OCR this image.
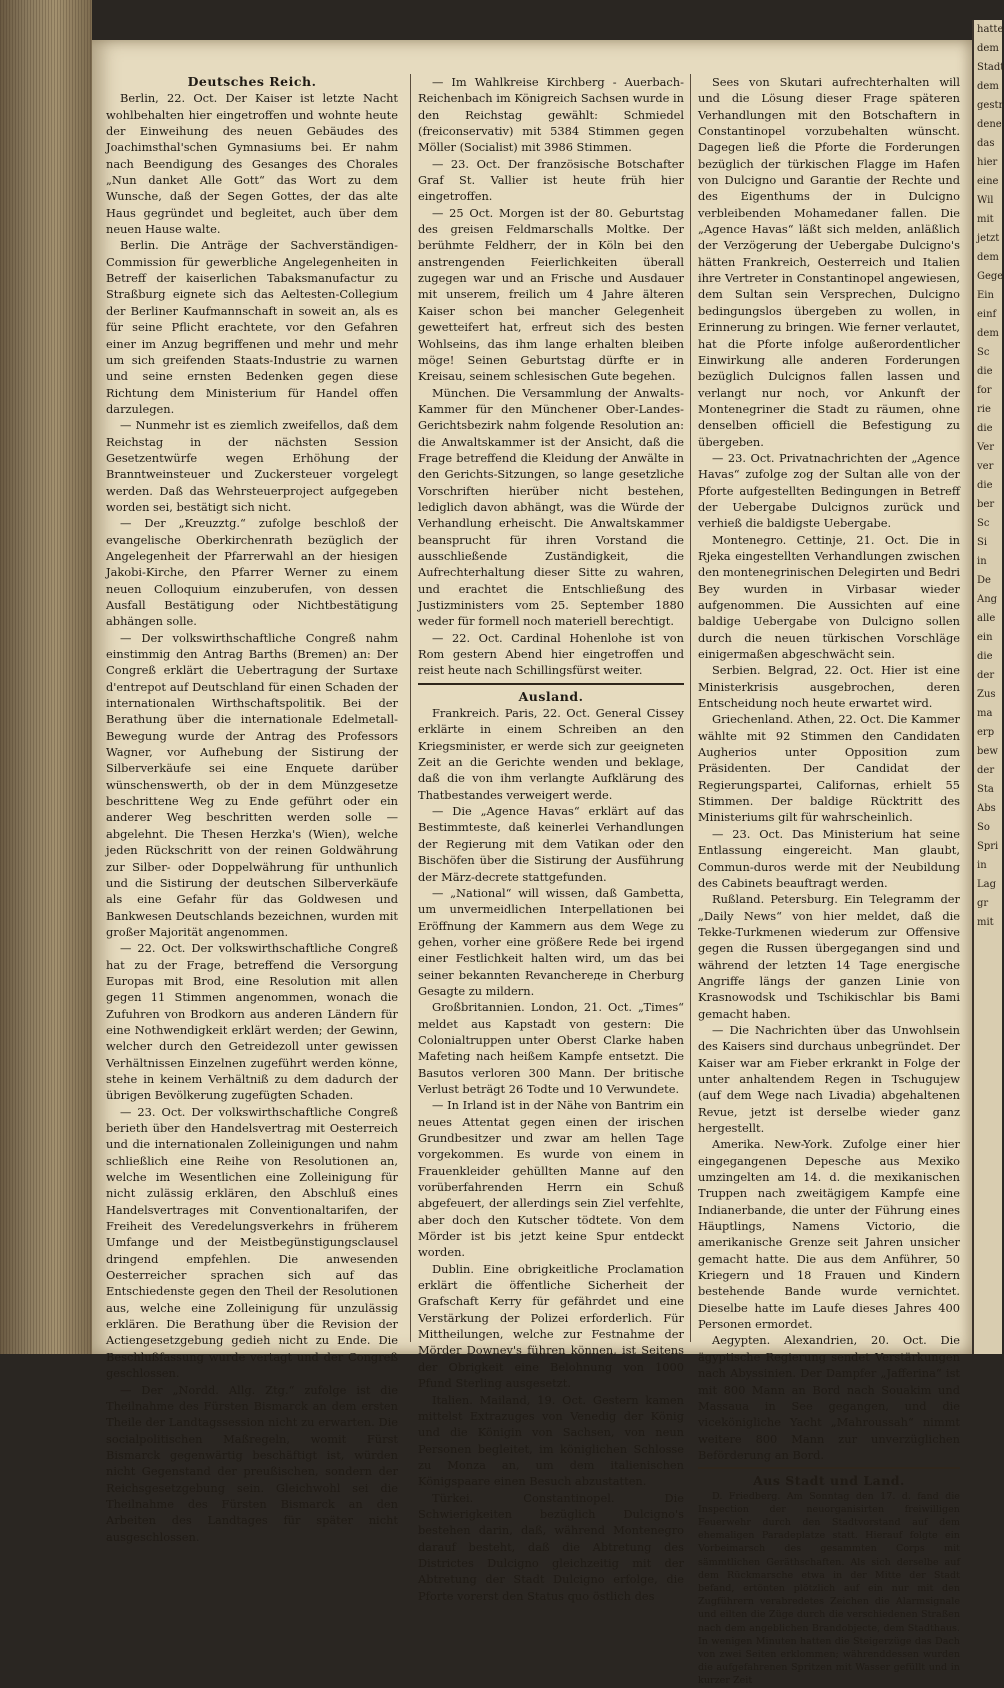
Deutsches Reich.

Berlin, 22. Oct. Der Kaiser ist letzte Nacht wohlbehalten hier eingetroffen und wohnte heute der Einweihung des neuen Gebäudes des Joachimsthal'schen Gymnasiums bei. Er nahm nach Beendigung des Gesanges des Chorales „Nun danket Alle Gott“ das Wort zu dem Wunsche, daß der Segen Gottes, der das alte Haus gegründet und begleitet, auch über dem neuen Hause walte.

Berlin. Die Anträge der Sachverständigen-Commission für gewerbliche Angelegenheiten in Betreff der kaiserlichen Tabaksmanufactur zu Straßburg eignete sich das Aeltesten-Collegium der Berliner Kaufmannschaft in soweit an, als es für seine Pflicht erachtete, vor den Gefahren einer im Anzug begriffenen und mehr und mehr um sich greifenden Staats-Industrie zu warnen und seine ernsten Bedenken gegen diese Richtung dem Ministerium für Handel offen darzulegen.

— Nunmehr ist es ziemlich zweifellos, daß dem Reichstag in der nächsten Session Gesetzentwürfe wegen Erhöhung der Branntweinsteuer und Zuckersteuer vorgelegt werden. Daß das Wehrsteuerproject aufgegeben worden sei, bestätigt sich nicht.

— Der „Kreuzztg.“ zufolge beschloß der evangelische Oberkirchenrath bezüglich der Angelegenheit der Pfarrerwahl an der hiesigen Jakobi-Kirche, den Pfarrer Werner zu einem neuen Colloquium einzuberufen, von dessen Ausfall Bestätigung oder Nichtbestätigung abhängen solle.

— Der volkswirthschaftliche Congreß nahm einstimmig den Antrag Barths (Bremen) an: Der Congreß erklärt die Uebertragung der Surtaxe d'entrepot auf Deutschland für einen Schaden der internationalen Wirthschaftspolitik. Bei der Berathung über die internationale Edelmetall-Bewegung wurde der Antrag des Professors Wagner, vor Aufhebung der Sistirung der Silberverkäufe sei eine Enquete darüber wünschenswerth, ob der in dem Münzgesetze beschrittene Weg zu Ende geführt oder ein anderer Weg beschritten werden solle — abgelehnt. Die Thesen Herzka's (Wien), welche jeden Rückschritt von der reinen Goldwährung zur Silber- oder Doppelwährung für unthunlich und die Sistirung der deutschen Silberverkäufe als eine Gefahr für das Goldwesen und Bankwesen Deutschlands bezeichnen, wurden mit großer Majorität angenommen.

— 22. Oct. Der volkswirthschaftliche Congreß hat zu der Frage, betreffend die Versorgung Europas mit Brod, eine Resolution mit allen gegen 11 Stimmen angenommen, wonach die Zufuhren von Brodkorn aus anderen Ländern für eine Nothwendigkeit erklärt werden; der Gewinn, welcher durch den Getreidezoll unter gewissen Verhältnissen Einzelnen zugeführt werden könne, stehe in keinem Verhältniß zu dem dadurch der übrigen Bevölkerung zugefügten Schaden.

— 23. Oct. Der volkswirthschaftliche Congreß berieth über den Handelsvertrag mit Oesterreich und die internationalen Zolleinigungen und nahm schließlich eine Reihe von Resolutionen an, welche im Wesentlichen eine Zolleinigung für nicht zulässig erklären, den Abschluß eines Handelsvertrages mit Conventionaltarifen, der Freiheit des Veredelungsverkehrs in früherem Umfange und der Meistbegünstigungsclausel dringend empfehlen. Die anwesenden Oesterreicher sprachen sich auf das Entschiedenste gegen den Theil der Resolutionen aus, welche eine Zolleinigung für unzulässig erklären. Die Berathung über die Revision der Actiengesetzgebung gedieh nicht zu Ende. Die Beschlußfassung wurde vertagt und der Congreß geschlossen.

— Der „Nordd. Allg. Ztg.“ zufolge ist die Theilnahme des Fürsten Bismarck an dem ersten Theile der Landtagssession nicht zu erwarten. Die socialpolitischen Maßregeln, womit Fürst Bismarck gegenwärtig beschäftigt ist, würden nicht Gegenstand der preußischen, sondern der Reichsgesetzgebung sein. Gleichwohl sei die Theilnahme des Fürsten Bismarck an den Arbeiten des Landtages für später nicht ausgeschlossen.

— Im Wahlkreise Kirchberg - Auerbach-Reichenbach im Königreich Sachsen wurde in den Reichstag gewählt: Schmiedel (freiconservativ) mit 5384 Stimmen gegen Möller (Socialist) mit 3986 Stimmen.

— 23. Oct. Der französische Botschafter Graf St. Vallier ist heute früh hier eingetroffen.

— 25 Oct. Morgen ist der 80. Geburtstag des greisen Feldmarschalls Moltke. Der berühmte Feldherr, der in Köln bei den anstrengenden Feierlichkeiten überall zugegen war und an Frische und Ausdauer mit unserem, freilich um 4 Jahre älteren Kaiser schon bei mancher Gelegenheit gewetteifert hat, erfreut sich des besten Wohlseins, das ihm lange erhalten bleiben möge! Seinen Geburtstag dürfte er in Kreisau, seinem schlesischen Gute begehen.

München. Die Versammlung der Anwalts-Kammer für den Münchener Ober-Landes-Gerichtsbezirk nahm folgende Resolution an: die Anwaltskammer ist der Ansicht, daß die Frage betreffend die Kleidung der Anwälte in den Gerichts-Sitzungen, so lange gesetzliche Vorschriften hierüber nicht bestehen, lediglich davon abhängt, was die Würde der Verhandlung erheischt. Die Anwaltskammer beansprucht für ihren Vorstand die ausschließende Zuständigkeit, die Aufrechterhaltung dieser Sitte zu wahren, und erachtet die Entschließung des Justizministers vom 25. September 1880 weder für formell noch materiell berechtigt.

— 22. Oct. Cardinal Hohenlohe ist von Rom gestern Abend hier eingetroffen und reist heute nach Schillingsfürst weiter.

Ausland.

Frankreich. Paris, 22. Oct. General Cissey erklärte in einem Schreiben an den Kriegsminister, er werde sich zur geeigneten Zeit an die Gerichte wenden und beklage, daß die von ihm verlangte Aufklärung des Thatbestandes verweigert werde.

— Die „Agence Havas“ erklärt auf das Bestimmteste, daß keinerlei Verhandlungen der Regierung mit dem Vatikan oder den Bischöfen über die Sistirung der Ausführung der März-decrete stattgefunden.

— „National“ will wissen, daß Gambetta, um unvermeidlichen Interpellationen bei Eröffnung der Kammern aus dem Wege zu gehen, vorher eine größere Rede bei irgend einer Festlichkeit halten wird, um das bei seiner bekannten Revanchereде in Cherburg Gesagte zu mildern.

Großbritannien. London, 21. Oct. „Times“ meldet aus Kapstadt von gestern: Die Colonialtruppen unter Oberst Clarke haben Mafeting nach heißem Kampfe entsetzt. Die Basutos verloren 300 Mann. Der britische Verlust beträgt 26 Todte und 10 Verwundete.

— In Irland ist in der Nähe von Bantrim ein neues Attentat gegen einen der irischen Grundbesitzer und zwar am hellen Tage vorgekommen. Es wurde von einem in Frauenkleider gehüllten Manne auf den vorüberfahrenden Herrn ein Schuß abgefeuert, der allerdings sein Ziel verfehlte, aber doch den Kutscher tödtete. Von dem Mörder ist bis jetzt keine Spur entdeckt worden.

Dublin. Eine obrigkeitliche Proclamation erklärt die öffentliche Sicherheit der Grafschaft Kerry für gefährdet und eine Verstärkung der Polizei erforderlich. Für Mittheilungen, welche zur Festnahme der Mörder Downey's führen können, ist Seitens der Obrigkeit eine Belohnung von 1000 Pfund Sterling ausgesetzt.

Italien. Mailand, 19. Oct. Gestern kamen mittelst Extrazuges von Venedig der König und die Königin von Sachsen, von neun Personen begleitet, im königlichen Schlosse zu Monza an, um dem italienischen Königspaare einen Besuch abzustatten.

Türkei. Constantinopel. Die Schwierigkeiten bezüglich Dulcigno's bestehen darin, daß, während Montenegro darauf besteht, daß die Abtretung des Districtes Dulcigno gleichzeitig mit der Abtretung der Stadt Dulcigno erfolge, die Pforte vorerst den Status quo östlich des

Sees von Skutari aufrechterhalten will und die Lösung dieser Frage späteren Verhandlungen mit den Botschaftern in Constantinopel vorzubehalten wünscht. Dagegen ließ die Pforte die Forderungen bezüglich der türkischen Flagge im Hafen von Dulcigno und Garantie der Rechte und des Eigenthums der in Dulcigno verbleibenden Mohamedaner fallen. Die „Agence Havas“ läßt sich melden, anläßlich der Verzögerung der Uebergabe Dulcigno's hätten Frankreich, Oesterreich und Italien ihre Vertreter in Constantinopel angewiesen, dem Sultan sein Versprechen, Dulcigno bedingungslos übergeben zu wollen, in Erinnerung zu bringen. Wie ferner verlautet, hat die Pforte infolge außerordentlicher Einwirkung alle anderen Forderungen bezüglich Dulcignos fallen lassen und verlangt nur noch, vor Ankunft der Montenegriner die Stadt zu räumen, ohne denselben officiell die Befestigung zu übergeben.

— 23. Oct. Privatnachrichten der „Agence Havas“ zufolge zog der Sultan alle von der Pforte aufgestellten Bedingungen in Betreff der Uebergabe Dulcignos zurück und verhieß die baldigste Uebergabe.

Montenegro. Cettinje, 21. Oct. Die in Rjeka eingestellten Verhandlungen zwischen den montenegrinischen Delegirten und Bedri Bey wurden in Virbasar wieder aufgenommen. Die Aussichten auf eine baldige Uebergabe von Dulcigno sollen durch die neuen türkischen Vorschläge einigermaßen abgeschwächt sein.

Serbien. Belgrad, 22. Oct. Hier ist eine Ministerkrisis ausgebrochen, deren Entscheidung noch heute erwartet wird.

Griechenland. Athen, 22. Oct. Die Kammer wählte mit 92 Stimmen den Candidaten Augherios unter Opposition zum Präsidenten. Der Candidat der Regierungspartei, Californas, erhielt 55 Stimmen. Der baldige Rücktritt des Ministeriums gilt für wahrscheinlich.

— 23. Oct. Das Ministerium hat seine Entlassung eingereicht. Man glaubt, Commun-duros werde mit der Neubildung des Cabinets beauftragt werden.

Rußland. Petersburg. Ein Telegramm der „Daily News“ von hier meldet, daß die Tekke-Turkmenen wiederum zur Offensive gegen die Russen übergegangen sind und während der letzten 14 Tage energische Angriffe längs der ganzen Linie von Krasnowodsk und Tschikischlar bis Bami gemacht haben.

— Die Nachrichten über das Unwohlsein des Kaisers sind durchaus unbegründet. Der Kaiser war am Fieber erkrankt in Folge der unter anhaltendem Regen in Tschugujew (auf dem Wege nach Livadia) abgehaltenen Revue, jetzt ist derselbe wieder ganz hergestellt.

Amerika. New-York. Zufolge einer hier eingegangenen Depesche aus Mexiko umzingelten am 14. d. die mexikanischen Truppen nach zweitägigem Kampfe eine Indianerbande, die unter der Führung eines Häuptlings, Namens Victorio, die amerikanische Grenze seit Jahren unsicher gemacht hatte. Die aus dem Anführer, 50 Kriegern und 18 Frauen und Kindern bestehende Bande wurde vernichtet. Dieselbe hatte im Laufe dieses Jahres 400 Personen ermordet.

Aegypten. Alexandrien, 20. Oct. Die ägyptische Regierung sendet Verstärkungen nach Abyssinien. Der Dampfer „Jafferina“ ist mit 800 Mann an Bord nach Souakim und Massaua in See gegangen, und die vicekönigliche Yacht „Mahroussah“ nimmt weitere 800 Mann zur unverzüglichen Beförderung an Bord.

Aus Stadt und Land.

D. Friedberg. Am Sonntag den 17. d. fand die Inspection der neuorganisirten freiwilligen Feuerwehr durch den Stadtvorstand auf dem ehemaligen Paradeplatze statt. Hierauf folgte ein Vorbeimarsch des gesammten Corps mit sämmtlichen Geräthschaften. Als sich derselbe auf dem Rückmarsche etwa in der Mitte der Stadt befand, ertönten plötzlich auf ein nur mit den Zugführern verabredetes Zeichen die Alarmsignale und eilten die Züge durch die verschiedenen Straßen nach dem angeblichen Brandobjecte, dem Stadthaus. In wenigen Minuten hatten die Steigerzüge das Dach von zwei Seiten erklommen; währenddessen wurden die aufgefahrenen Spritzen mit Wasser gefüllt und in kurzer Zeit

hatte
dem
Stadt
dem
gestr
dene
das
hier
eine
Wil
mit
jetzt
dem
Gege
Ein
einf
dem
Sc
die
for
rie
die
Ver
ver
die
ber
Sc
Si
in
De
Ang
alle
ein
die
der
Zus
ma
erp
bew
der
Sta
Abs
So
Spri
in
Lag
gr
mit
